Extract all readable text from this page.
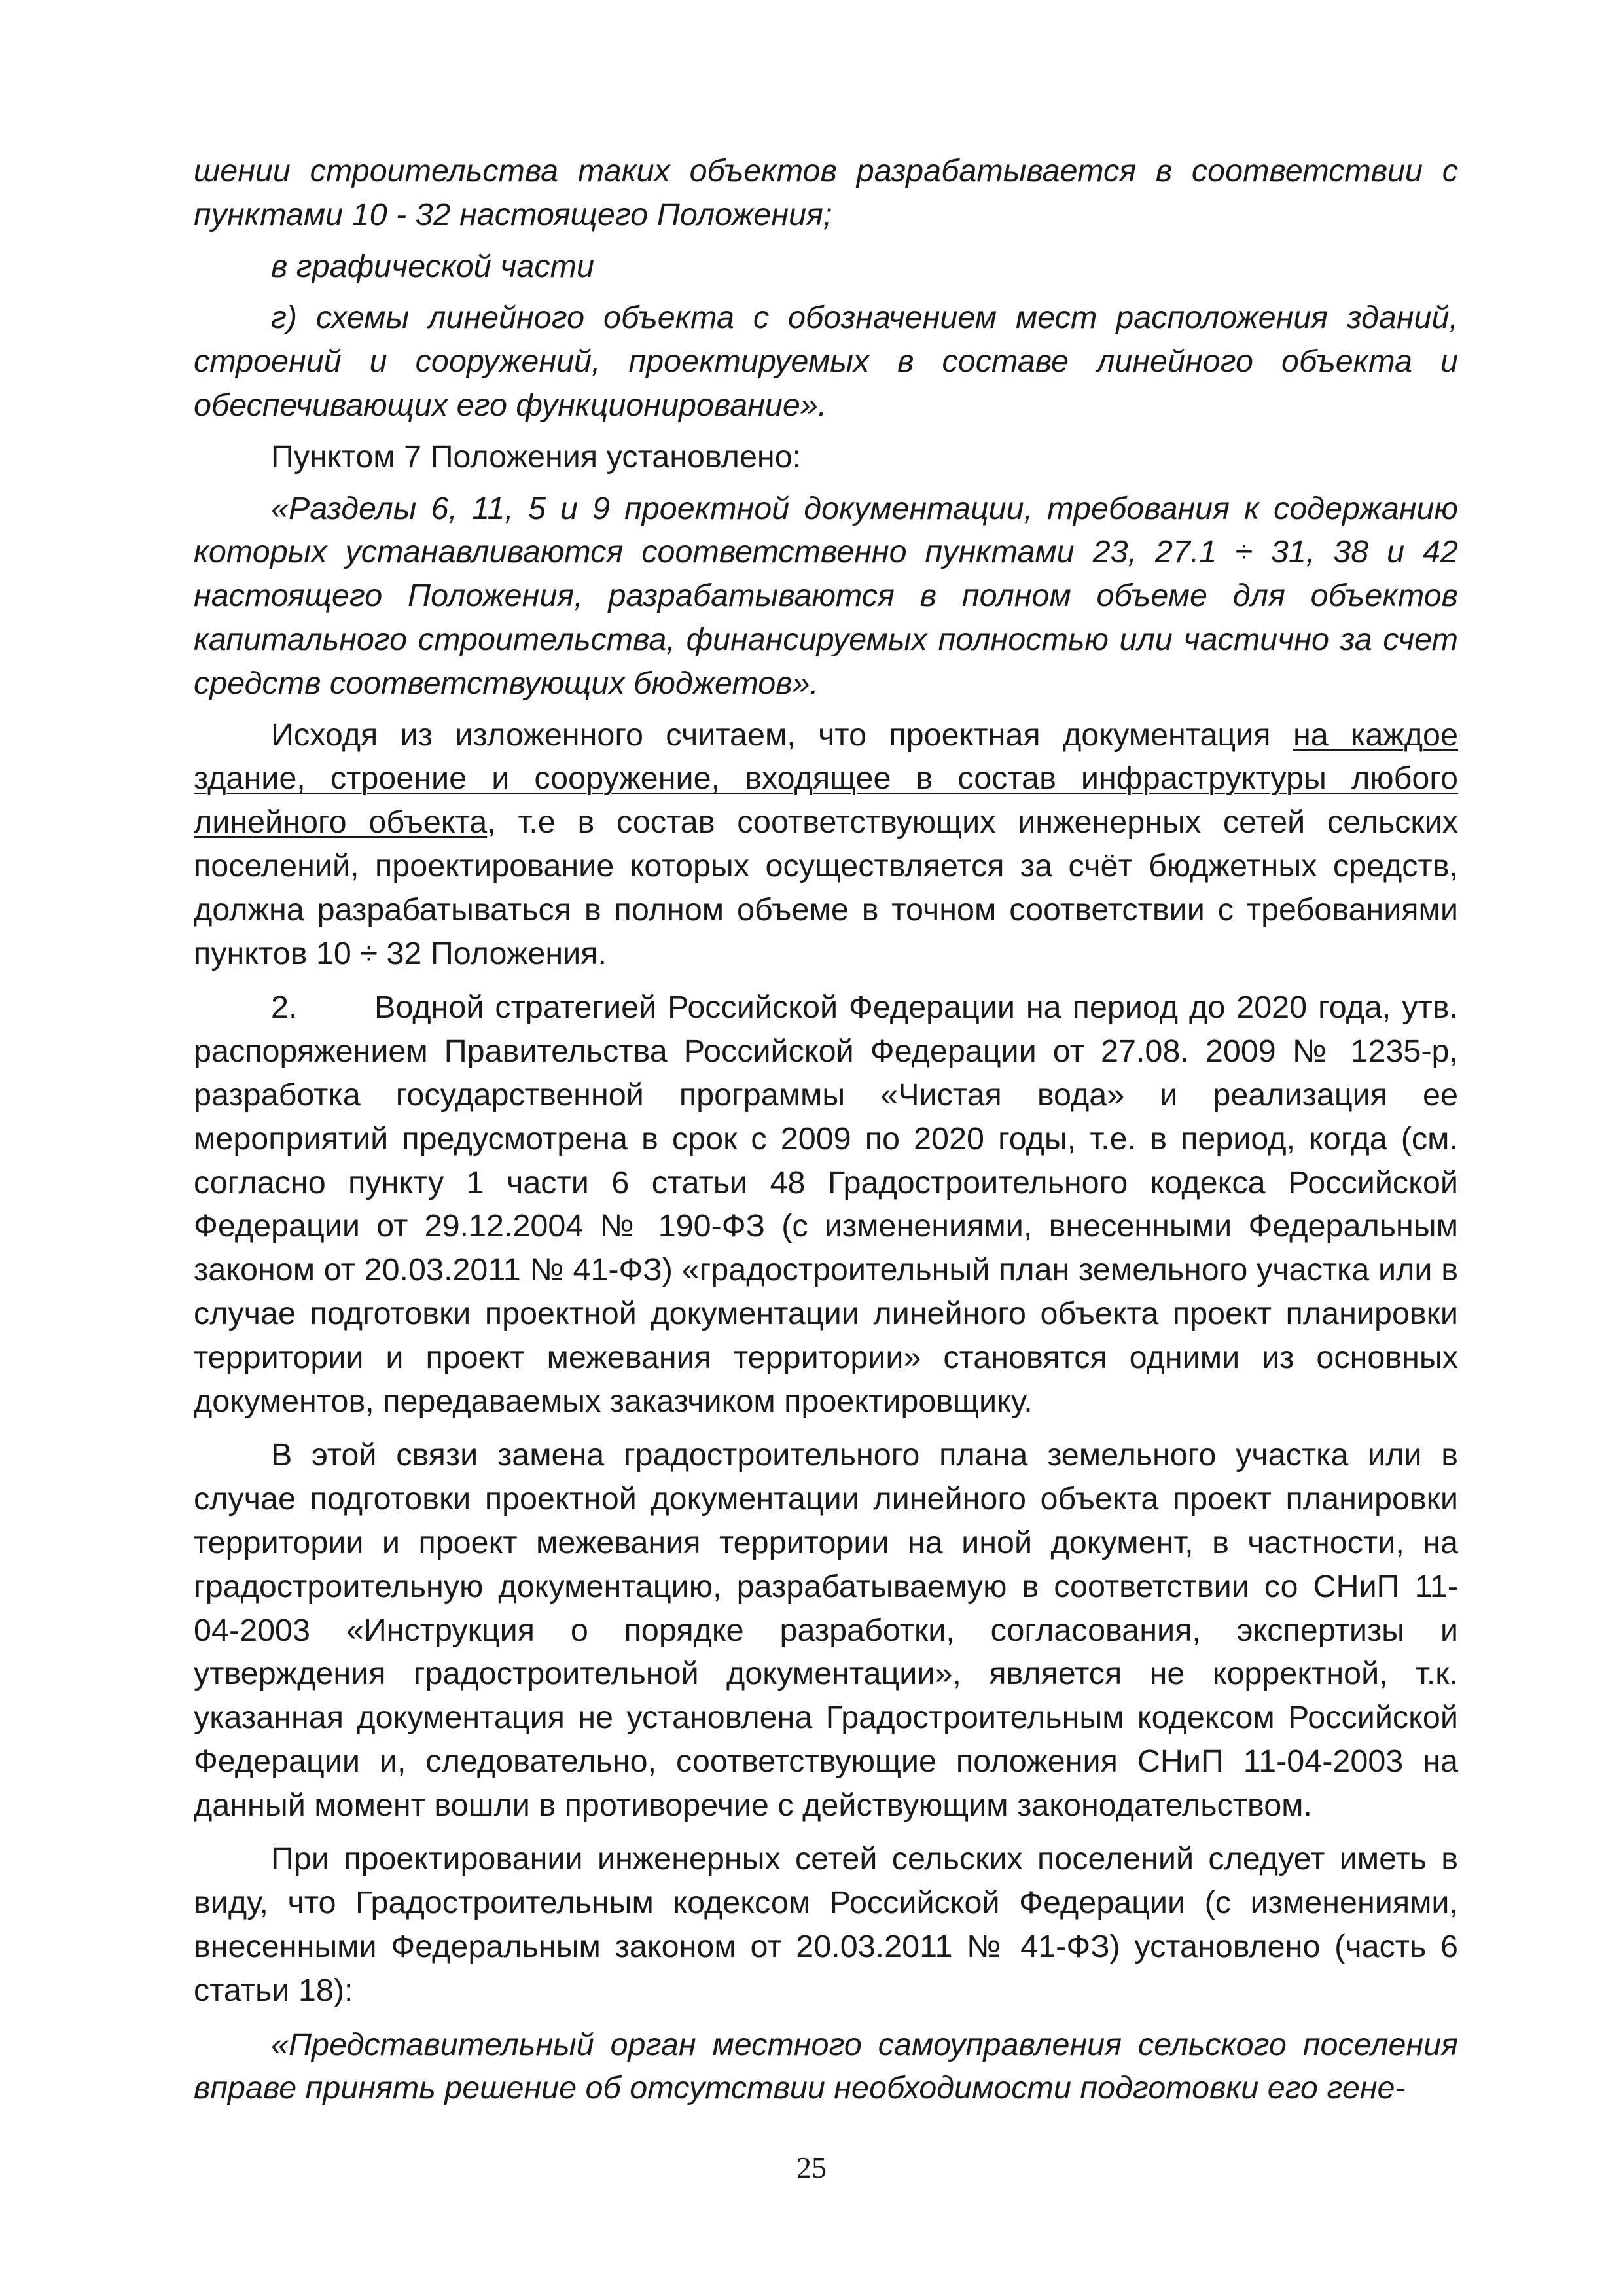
шении строительства таких объектов разрабатывается в соответствии с пунктами 10 - 32 настоящего Положения;

в графической части

г) схемы линейного объекта с обозначением мест расположения зданий, строений и сооружений, проектируемых в составе линейного объекта и обеспечивающих его функционирование».

Пунктом 7 Положения установлено:

«Разделы 6, 11, 5 и 9 проектной документации, требования к содержанию которых устанавливаются соответственно пунктами 23, 27.1 ÷ 31, 38 и 42 настоящего Положения, разрабатываются в полном объеме для объектов капитального строительства, финансируемых полностью или частично за счет средств соответствующих бюджетов».

Исходя из изложенного считаем, что проектная документация на каждое здание, строение и сооружение, входящее в состав инфраструктуры любого линейного объекта, т.е в состав соответствующих инженерных сетей сельских поселений, проектирование которых осуществляется за счёт бюджетных средств, должна разрабатываться в полном объеме в точном соответствии с требованиями пунктов 10 ÷ 32 Положения.

2. Водной стратегией Российской Федерации на период до 2020 года, утв. распоряжением Правительства Российской Федерации от 27.08. 2009 № 1235-р, разработка государственной программы «Чистая вода» и реализация ее мероприятий предусмотрена в срок с 2009 по 2020 годы, т.е. в период, когда (см. согласно пункту 1 части 6 статьи 48 Градостроительного кодекса Российской Федерации от 29.12.2004 № 190-ФЗ (с изменениями, внесенными Федеральным законом от 20.03.2011 № 41-ФЗ) «градостроительный план земельного участка или в случае подготовки проектной документации линейного объекта проект планировки территории и проект межевания территории» становятся одними из основных документов, передаваемых заказчиком проектировщику.

В этой связи замена градостроительного плана земельного участка или в случае подготовки проектной документации линейного объекта проект планировки территории и проект межевания территории на иной документ, в частности, на градостроительную документацию, разрабатываемую в соответствии со СНиП 11-04-2003 «Инструкция о порядке разработки, согласования, экспертизы и утверждения градостроительной документации», является не корректной, т.к. указанная документация не установлена Градостроительным кодексом Российской Федерации и, следовательно, соответствующие положения СНиП 11-04-2003 на данный момент вошли в противоречие с действующим законодательством.

При проектировании инженерных сетей сельских поселений следует иметь в виду, что Градостроительным кодексом Российской Федерации (с изменениями, внесенными Федеральным законом от 20.03.2011 № 41-ФЗ) установлено (часть 6 статьи 18):

«Представительный орган местного самоуправления сельского поселения вправе принять решение об отсутствии необходимости подготовки его гене-

25
